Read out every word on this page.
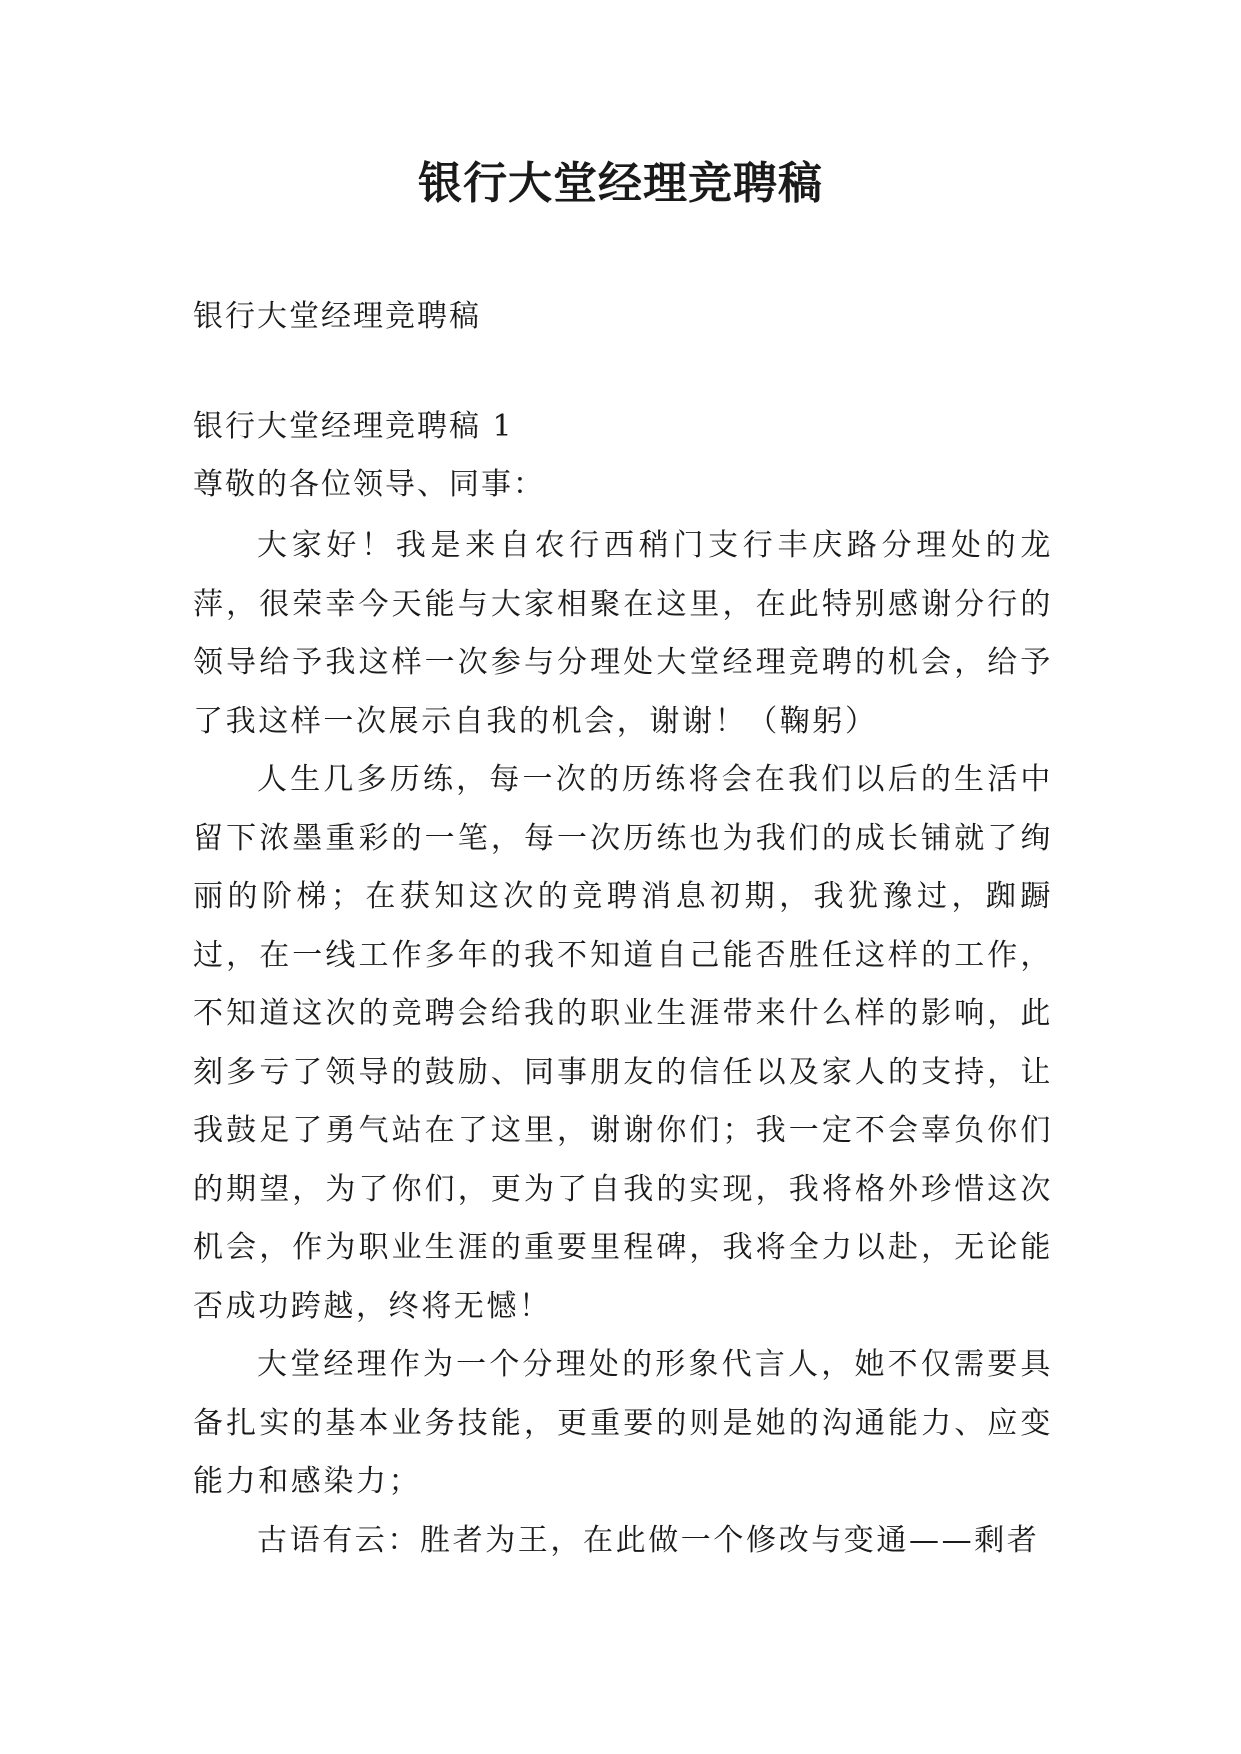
银行大堂经理竞聘稿
银行大堂经理竞聘稿
银行大堂经理竞聘稿 1
尊敬的各位领导、同事：

大家好！我是来自农行西稍门支行丰庆路分理处的龙萍，很荣幸今天能与大家相聚在这里，在此特别感谢分行的领导给予我这样一次参与分理处大堂经理竞聘的机会，给予了我这样一次展示自我的机会，谢谢！（鞠躬）

人生几多历练，每一次的历练将会在我们以后的生活中留下浓墨重彩的一笔，每一次历练也为我们的成长铺就了绚丽的阶梯；在获知这次的竞聘消息初期，我犹豫过，踟蹰过，在一线工作多年的我不知道自己能否胜任这样的工作，不知道这次的竞聘会给我的职业生涯带来什么样的影响，此刻多亏了领导的鼓励、同事朋友的信任以及家人的支持，让我鼓足了勇气站在了这里，谢谢你们；我一定不会辜负你们的期望，为了你们，更为了自我的实现，我将格外珍惜这次机会，作为职业生涯的重要里程碑，我将全力以赴，无论能否成功跨越，终将无憾！

大堂经理作为一个分理处的形象代言人，她不仅需要具备扎实的基本业务技能，更重要的则是她的沟通能力、应变能力和感染力；

古语有云：胜者为王，在此做一个修改与变通——剩者
